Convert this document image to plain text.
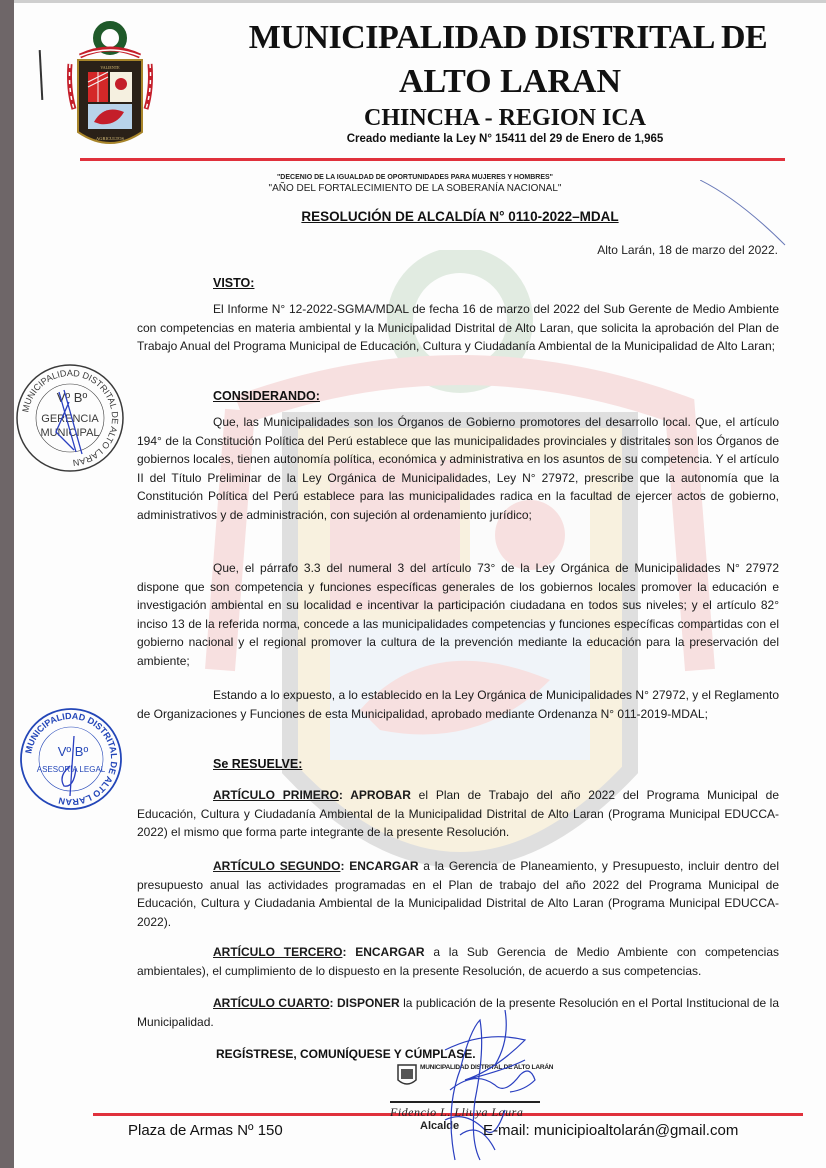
VALIENTE
AGRICULTOS
MUNICIPALIDAD DISTRITAL DE
ALTO LARAN
CHINCHA - REGION ICA
Creado mediante la Ley N° 15411 del 29 de Enero de 1,965
"DECENIO DE LA IGUALDAD DE OPORTUNIDADES PARA MUJERES Y HOMBRES"
"AÑO DEL FORTALECIMIENTO DE LA SOBERANÍA NACIONAL"
RESOLUCIÓN DE ALCALDÍA N° 0110-2022–MDAL
Alto Larán, 18 de marzo del 2022.
VISTO:
El Informe N° 12-2022-SGMA/MDAL de fecha 16 de marzo del 2022 del Sub Gerente de Medio Ambiente con competencias en materia ambiental y la Municipalidad Distrital de Alto Laran, que solicita la aprobación del Plan de Trabajo Anual del Programa Municipal de Educación, Cultura y Ciudadanía Ambiental de la Municipalidad de Alto Laran;
CONSIDERANDO:
Que, las Municipalidades son los Órganos de Gobierno promotores del desarrollo local. Que, el artículo 194° de la Constitución Política del Perú establece que las municipalidades provinciales y distritales son los Órganos de gobiernos locales, tienen autonomía política, económica y administrativa en los asuntos de su competencia. Y el artículo II del Título Preliminar de la Ley Orgánica de Municipalidades, Ley N° 27972, prescribe que la autonomía que la Constitución Política del Perú establece para las municipalidades radica en la facultad de ejercer actos de gobierno, administrativos y de administración, con sujeción al ordenamiento jurídico;
Que, el párrafo 3.3 del numeral 3 del artículo 73° de la Ley Orgánica de Municipalidades N° 27972 dispone que son competencia y funciones específicas generales de los gobiernos locales promover la educación e investigación ambiental en su localidad e incentivar la participación ciudadana en todos sus niveles; y el artículo 82° inciso 13 de la referida norma, concede a las municipalidades competencias y funciones específicas compartidas con el gobierno nacional y el regional promover la cultura de la prevención mediante la educación para la preservación del ambiente;
Estando a lo expuesto, a lo establecido en la Ley Orgánica de Municipalidades N° 27972, y el Reglamento de Organizaciones y Funciones de esta Municipalidad, aprobado mediante Ordenanza N° 011-2019-MDAL;
Se RESUELVE:
ARTÍCULO PRIMERO: APROBAR el Plan de Trabajo del año 2022 del Programa Municipal de Educación, Cultura y Ciudadanía Ambiental de la Municipalidad Distrital de Alto Laran (Programa Municipal EDUCCA-2022) el mismo que forma parte integrante de la presente Resolución.
ARTÍCULO SEGUNDO: ENCARGAR a la Gerencia de Planeamiento, y Presupuesto, incluir dentro del presupuesto anual las actividades programadas en el Plan de trabajo del año 2022 del Programa Municipal de Educación, Cultura y Ciudadania Ambiental de la Municipalidad Distrital de Alto Laran (Programa Municipal EDUCCA-2022).
ARTÍCULO TERCERO: ENCARGAR a la Sub Gerencia de Medio Ambiente con competencias ambientales), el cumplimiento de lo dispuesto en la presente Resolución, de acuerdo a sus competencias.
ARTÍCULO CUARTO: DISPONER la publicación de la presente Resolución en el Portal Institucional de la Municipalidad.
MUNICIPALIDAD DISTRITAL DE ALTO LARAN
Vº Bº
GERENCIA
MUNICIPAL
MUNICIPALIDAD DISTRITAL DE ALTO LARAN
Vº Bº
ASESORÍA LEGAL
REGÍSTRESE, COMUNÍQUESE Y CÚMPLASE.
MUNICIPALIDAD DISTRITAL DE ALTO LARÁN
Fidencio L. Lliuya Laura
Alcalde
Plaza de Armas Nº 150	E-mail: municipioaltolarán@gmail.com
